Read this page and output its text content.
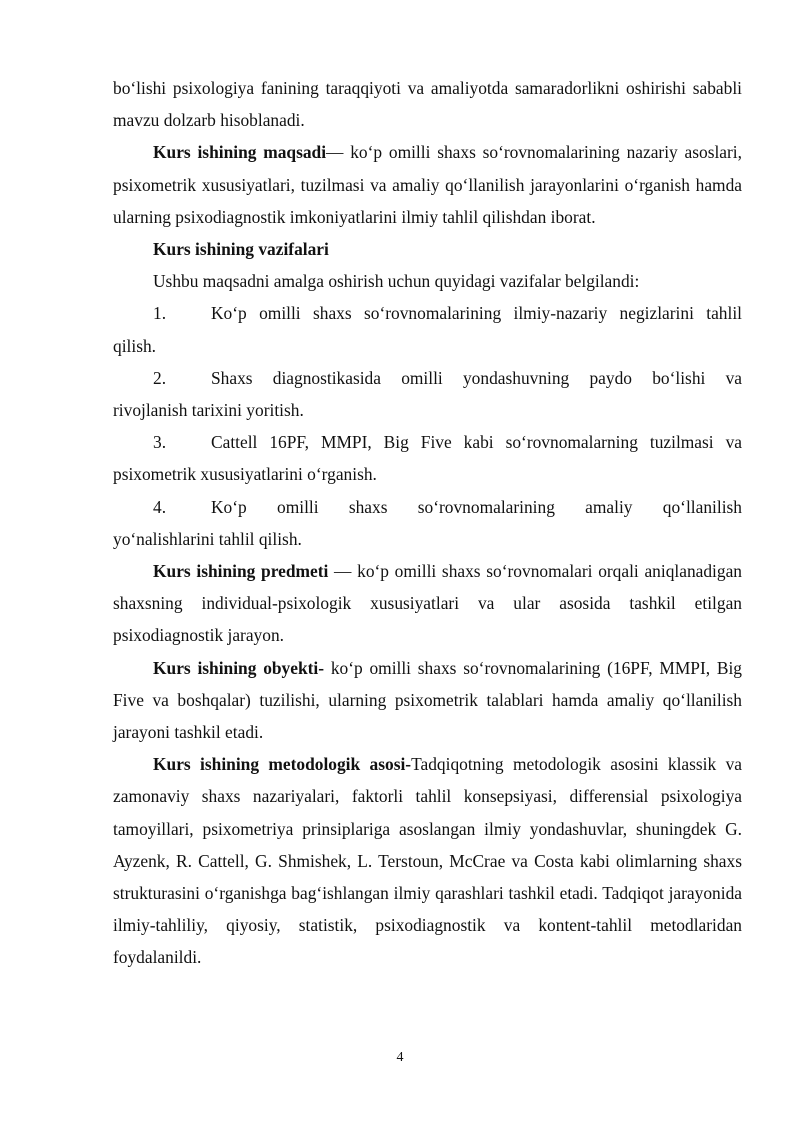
bo‘lishi psixologiya fanining taraqqiyoti va amaliyotda samaradorlikni oshirishi sababli mavzu dolzarb hisoblanadi.

Kurs ishining maqsadi— ko‘p omilli shaxs so‘rovnomalarining nazariy asoslari, psixometrik xususiyatlari, tuzilmasi va amaliy qo‘llanilish jarayonlarini o‘rganish hamda ularning psixodiagnostik imkoniyatlarini ilmiy tahlil qilishdan iborat.

Kurs ishining vazifalari

Ushbu maqsadni amalga oshirish uchun quyidagi vazifalar belgilandi:

1.	Ko‘p omilli shaxs so‘rovnomalarining ilmiy-nazariy negizlarini tahlil

qilish.

2.	Shaxs diagnostikasida omilli yondashuvning paydo bo‘lishi va

rivojlanish tarixini yoritish.

3.	Cattell 16PF, MMPI, Big Five kabi so‘rovnomalarning tuzilmasi va

psixometrik xususiyatlarini o‘rganish.

4.	Ko‘p omilli shaxs so‘rovnomalarining amaliy qo‘llanilish

yo‘nalishlarini tahlil qilish.

Kurs ishining predmeti — ko‘p omilli shaxs so‘rovnomalari orqali aniqlanadigan shaxsning individual-psixologik xususiyatlari va ular asosida tashkil etilgan psixodiagnostik jarayon.

Kurs ishining obyekti- ko‘p omilli shaxs so‘rovnomalarining (16PF, MMPI, Big Five va boshqalar) tuzilishi, ularning psixometrik talablari hamda amaliy qo‘llanilish jarayoni tashkil etadi.

Kurs ishining metodologik asosi-Tadqiqotning metodologik asosini klassik va zamonaviy shaxs nazariyalari, faktorli tahlil konsepsiyasi, differensial psixologiya tamoyillari, psixometriya prinsiplariga asoslangan ilmiy yondashuvlar, shuningdek G. Ayzenk, R. Cattell, G. Shmishek, L. Terstoun, McCrae va Costa kabi olimlarning shaxs strukturasini o‘rganishga bag‘ishlangan ilmiy qarashlari tashkil etadi. Tadqiqot jarayonida ilmiy-tahliliy, qiyosiy, statistik, psixodiagnostik va kontent-tahlil metodlaridan foydalanildi.

4
